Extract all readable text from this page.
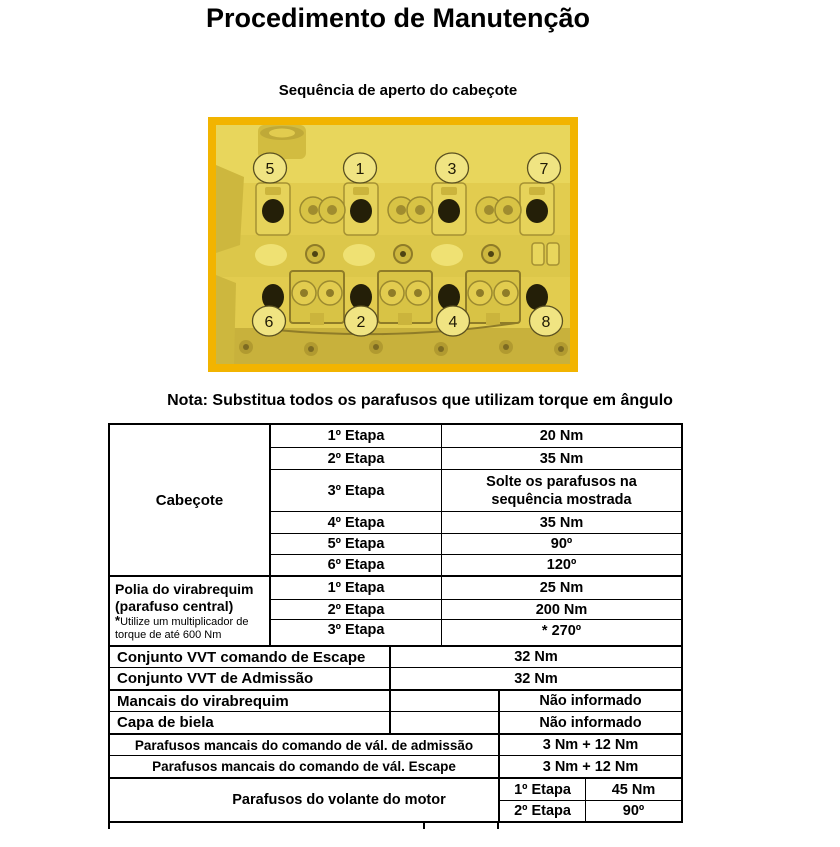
Procedimento de Manutenção
Sequência de aperto do cabeçote
5	1	3	7
6	2	4	8
Nota: Substitua todos os parafusos que utilizam torque em ângulo
Cabeçote
1º Etapa	20 Nm
2º Etapa	35 Nm
3º Etapa
Solte os parafusos na
sequência mostrada
4º Etapa	35 Nm
5º Etapa	90º
6º Etapa	120º
Polia do virabrequim
(parafuso central)
*Utilize um multiplicador de
torque de até 600 Nm
1º Etapa	25 Nm
2º Etapa	200 Nm
3º Etapa	* 270º
Conjunto VVT comando de Escape	32 Nm
Conjunto VVT de Admissão	32 Nm
Mancais do virabrequim	Não informado
Capa de biela	Não informado
Parafusos mancais do comando de vál. de admissão	3 Nm + 12 Nm
Parafusos mancais do comando de vál. Escape	3 Nm + 12 Nm
Parafusos do volante do motor
1º Etapa	45 Nm
2º Etapa	90º
